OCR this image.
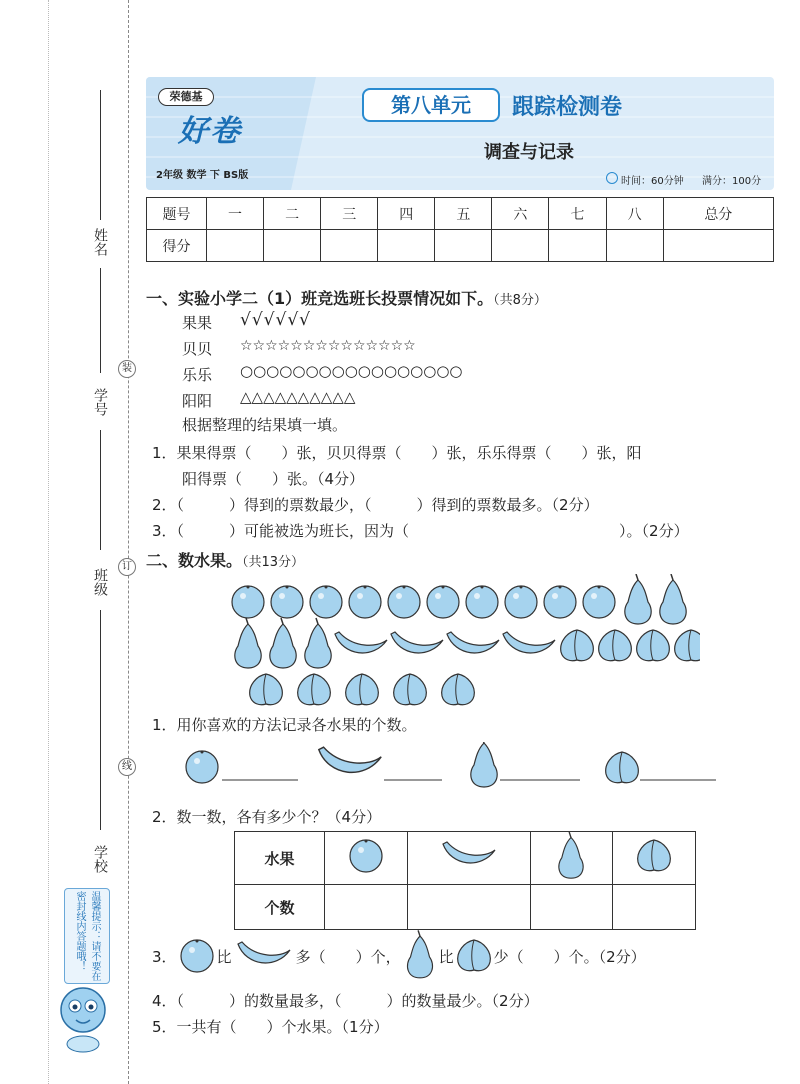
姓名
学号
班级
学校
装
订
线
温馨提示：请不要在密封线内答题哦！
荣德基
好卷
2年级 数学 下 BS版
第八单元	跟踪检测卷
调查与记录
时间：60分钟 满分：100分
题号	一	二	三	四	五	六	七	八	总分
得分									
一、实验小学二（1）班竞选班长投票情况如下。（共8分）
果果 √√√√√√
贝贝 ☆☆☆☆☆☆☆☆☆☆☆☆☆☆
乐乐 ○○○○○○○○○○○○○○○○○
阳阳 △△△△△△△△△△
根据整理的结果填一填。
1．果果得票（　　）张，贝贝得票（　　）张，乐乐得票（　　）张，阳
阳得票（　　）张。（4分）
2．（　　　）得到的票数最少，（　　　）得到的票数最多。（2分）
3．（　　　）可能被选为班长，因为（　　　　　　　　　　　　　　）。（2分）
二、数水果。（共13分）
1．用你喜欢的方法记录各水果的个数。
2．数一数，各有多少个？（4分）
水果				
个数				
3．	比	多（　　）个，	比	少（　　）个。（2分）
4．（　　　）的数量最多，（　　　）的数量最少。（2分）
5．一共有（　　）个水果。（1分）
